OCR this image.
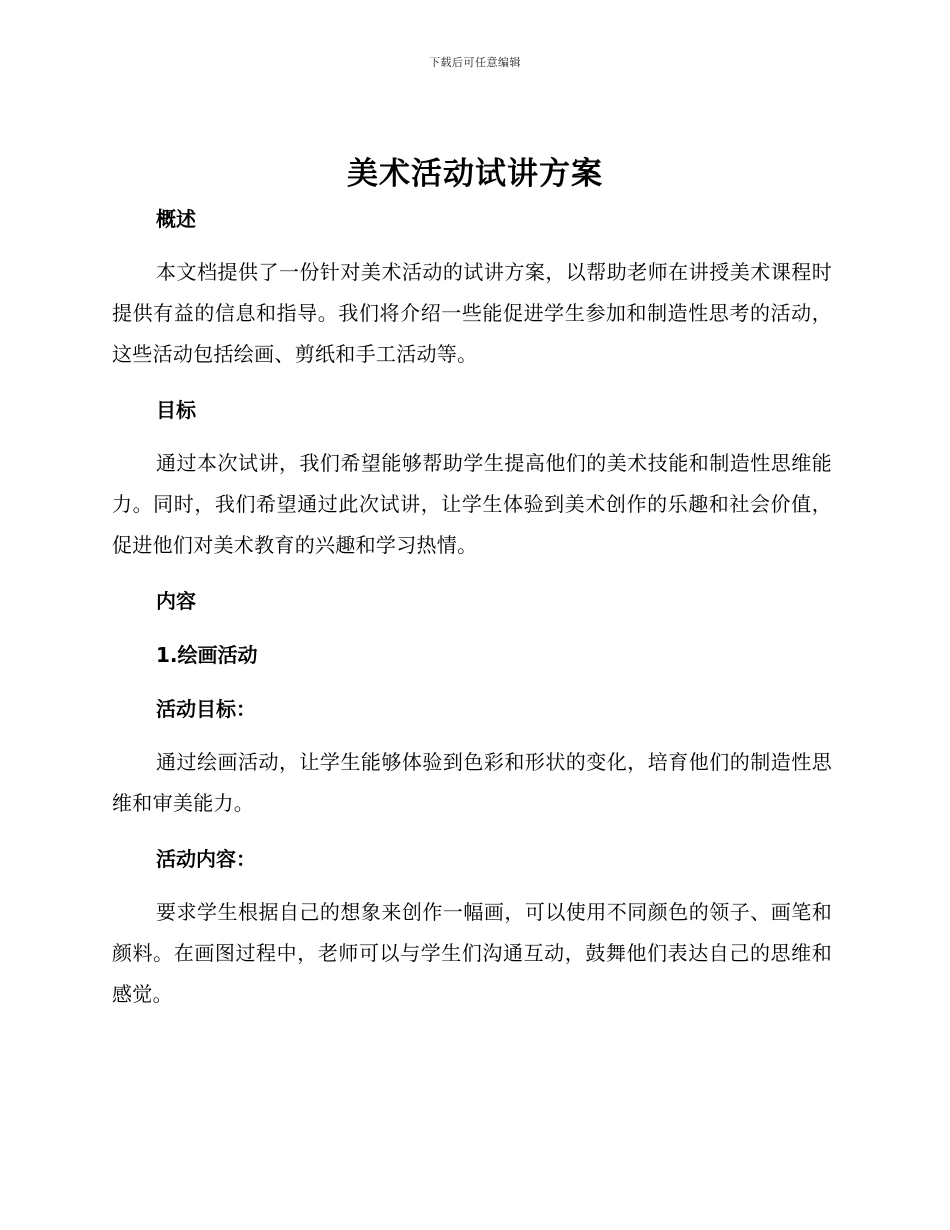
下载后可任意编辑
美术活动试讲方案

概述

本文档提供了一份针对美术活动的试讲方案，以帮助老师在讲授美术课程时提供有益的信息和指导。我们将介绍一些能促进学生参加和制造性思考的活动，这些活动包括绘画、剪纸和手工活动等。

目标

通过本次试讲，我们希望能够帮助学生提高他们的美术技能和制造性思维能力。同时，我们希望通过此次试讲，让学生体验到美术创作的乐趣和社会价值，促进他们对美术教育的兴趣和学习热情。

内容

1.绘画活动

活动目标：

通过绘画活动，让学生能够体验到色彩和形状的变化，培育他们的制造性思维和审美能力。

活动内容：

要求学生根据自己的想象来创作一幅画，可以使用不同颜色的领子、画笔和颜料。在画图过程中，老师可以与学生们沟通互动，鼓舞他们表达自己的思维和感觉。
